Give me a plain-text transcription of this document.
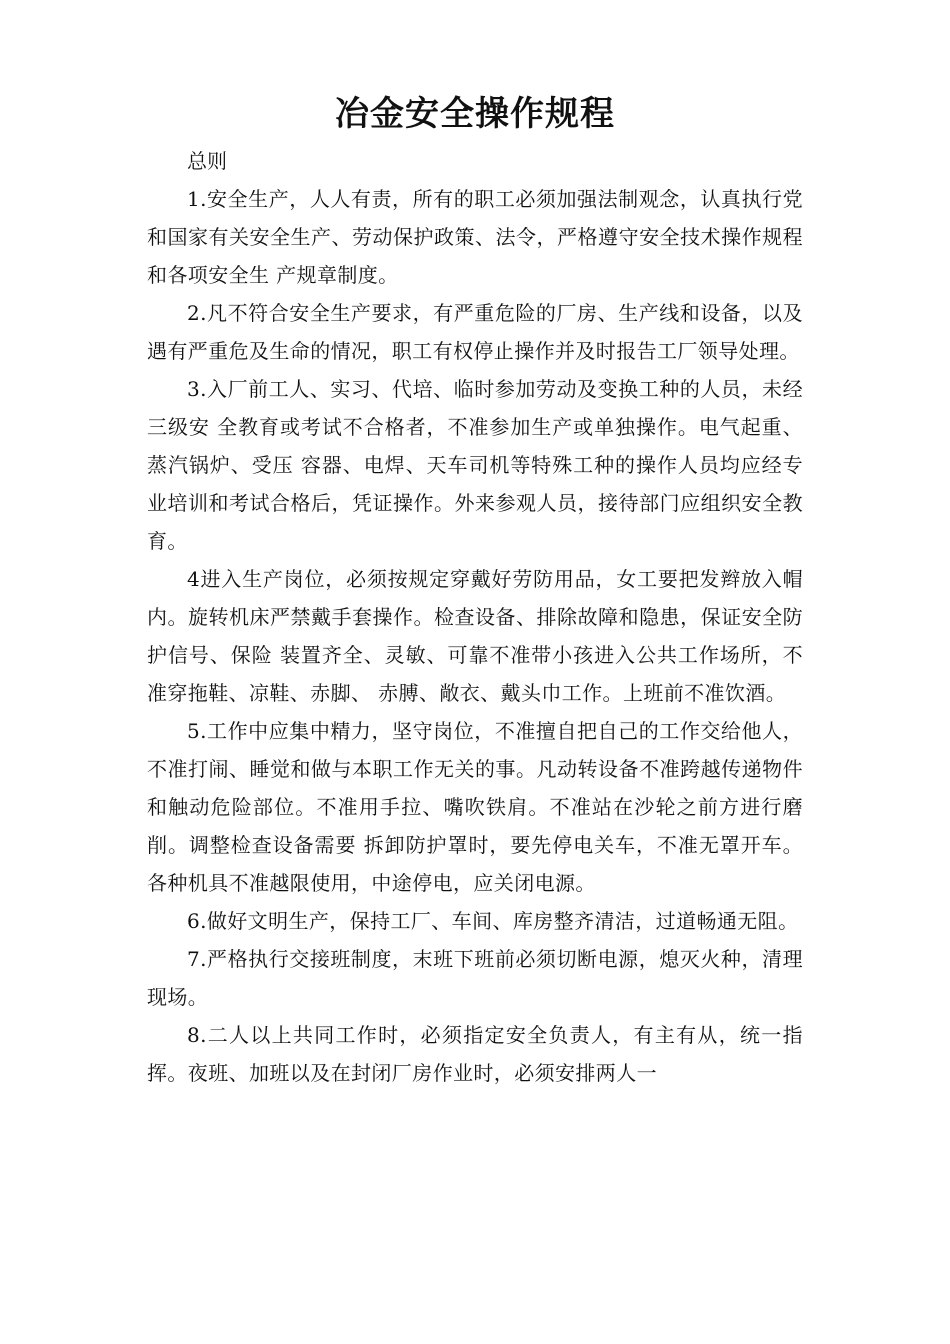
冶金安全操作规程

总则

1.安全生产，人人有责，所有的职工必须加强法制观念，认真执行党和国家有关安全生产、劳动保护政策、法令，严格遵守安全技术操作规程和各项安全生 产规章制度。

2.凡不符合安全生产要求，有严重危险的厂房、生产线和设备，以及遇有严重危及生命的情况，职工有权停止操作并及时报告工厂领导处理。

3.入厂前工人、实习、代培、临时参加劳动及变换工种的人员，未经三级安 全教育或考试不合格者，不准参加生产或单独操作。电气起重、蒸汽锅炉、受压 容器、电焊、天车司机等特殊工种的操作人员均应经专业培训和考试合格后，凭证操作。外来参观人员，接待部门应组织安全教育。

4进入生产岗位，必须按规定穿戴好劳防用品，女工要把发辫放入帽内。旋转机床严禁戴手套操作。检查设备、排除故障和隐患，保证安全防护信号、保险 装置齐全、灵敏、可靠不准带小孩进入公共工作场所，不准穿拖鞋、凉鞋、赤脚、 赤膊、敞衣、戴头巾工作。上班前不准饮酒。

5.工作中应集中精力，坚守岗位，不准擅自把自己的工作交给他人，不准打闹、睡觉和做与本职工作无关的事。凡动转设备不准跨越传递物件和触动危险部位。不准用手拉、嘴吹铁肩。不准站在沙轮之前方进行磨削。调整检查设备需要 拆卸防护罩时，要先停电关车，不准无罩开车。各种机具不准越限使用，中途停电，应关闭电源。

6.做好文明生产，保持工厂、车间、库房整齐清洁，过道畅通无阻。

7.严格执行交接班制度，末班下班前必须切断电源，熄灭火种，清理现场。

8.二人以上共同工作时，必须指定安全负责人，有主有从，统一指挥。夜班、加班以及在封闭厂房作业时，必须安排两人一
